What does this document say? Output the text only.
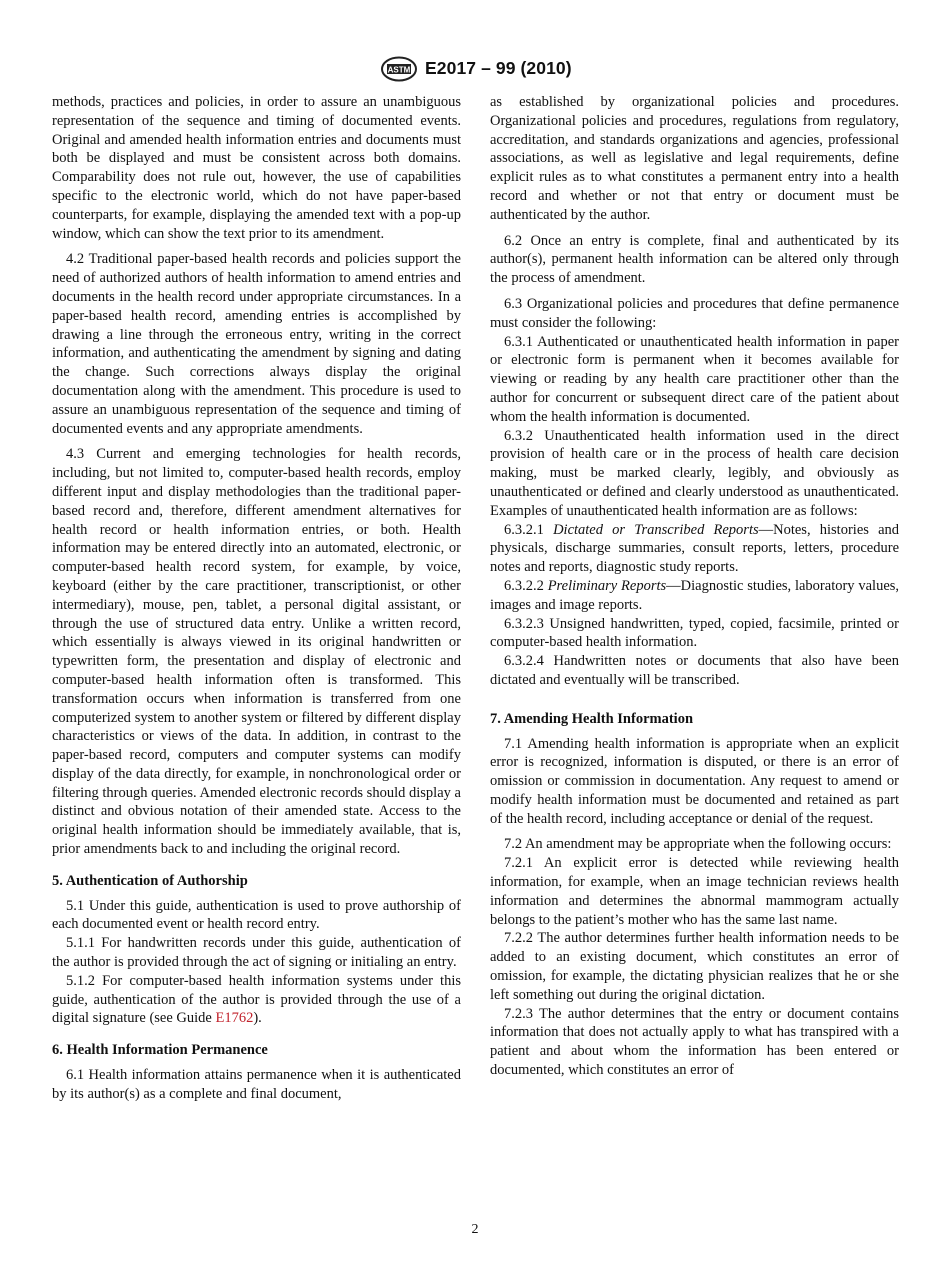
ASTM E2017 – 99 (2010)

methods, practices and policies, in order to assure an unambiguous representation of the sequence and timing of documented events. Original and amended health information entries and documents must both be displayed and must be consistent across both domains. Comparability does not rule out, however, the use of capabilities specific to the electronic world, which do not have paper-based counterparts, for example, displaying the amended text with a pop-up window, which can show the text prior to its amendment.

4.2 Traditional paper-based health records and policies support the need of authorized authors of health information to amend entries and documents in the health record under appropriate circumstances. In a paper-based health record, amending entries is accomplished by drawing a line through the erroneous entry, writing in the correct information, and authenticating the amendment by signing and dating the change. Such corrections always display the original documentation along with the amendment. This procedure is used to assure an unambiguous representation of the sequence and timing of documented events and any appropriate amendments.

4.3 Current and emerging technologies for health records, including, but not limited to, computer-based health records, employ different input and display methodologies than the traditional paper-based record and, therefore, different amendment alternatives for health record or health information entries, or both. Health information may be entered directly into an automated, electronic, or computer-based health record system, for example, by voice, keyboard (either by the care practitioner, transcriptionist, or other intermediary), mouse, pen, tablet, a personal digital assistant, or through the use of structured data entry. Unlike a written record, which essentially is always viewed in its original handwritten or typewritten form, the presentation and display of electronic and computer-based health information often is transformed. This transformation occurs when information is transferred from one computerized system to another system or filtered by different display characteristics or views of the data. In addition, in contrast to the paper-based record, computers and computer systems can modify display of the data directly, for example, in nonchronological order or filtering through queries. Amended electronic records should display a distinct and obvious notation of their amended state. Access to the original health information should be immediately available, that is, prior amendments back to and including the original record.

5. Authentication of Authorship

5.1 Under this guide, authentication is used to prove authorship of each documented event or health record entry.

5.1.1 For handwritten records under this guide, authentication of the author is provided through the act of signing or initialing an entry.

5.1.2 For computer-based health information systems under this guide, authentication of the author is provided through the use of a digital signature (see Guide E1762).

6. Health Information Permanence

6.1 Health information attains permanence when it is authenticated by its author(s) as a complete and final document,

as established by organizational policies and procedures. Organizational policies and procedures, regulations from regulatory, accreditation, and standards organizations and agencies, professional associations, as well as legislative and legal requirements, define explicit rules as to what constitutes a permanent entry into a health record and whether or not that entry or document must be authenticated by the author.

6.2 Once an entry is complete, final and authenticated by its author(s), permanent health information can be altered only through the process of amendment.

6.3 Organizational policies and procedures that define permanence must consider the following:

6.3.1 Authenticated or unauthenticated health information in paper or electronic form is permanent when it becomes available for viewing or reading by any health care practitioner other than the author for concurrent or subsequent direct care of the patient about whom the health information is documented.

6.3.2 Unauthenticated health information used in the direct provision of health care or in the process of health care decision making, must be marked clearly, legibly, and obviously as unauthenticated or defined and clearly understood as unauthenticated. Examples of unauthenticated health information are as follows:

6.3.2.1 Dictated or Transcribed Reports—Notes, histories and physicals, discharge summaries, consult reports, letters, procedure notes and reports, diagnostic study reports.

6.3.2.2 Preliminary Reports—Diagnostic studies, laboratory values, images and image reports.

6.3.2.3 Unsigned handwritten, typed, copied, facsimile, printed or computer-based health information.

6.3.2.4 Handwritten notes or documents that also have been dictated and eventually will be transcribed.

7. Amending Health Information

7.1 Amending health information is appropriate when an explicit error is recognized, information is disputed, or there is an error of omission or commission in documentation. Any request to amend or modify health information must be documented and retained as part of the health record, including acceptance or denial of the request.

7.2 An amendment may be appropriate when the following occurs:

7.2.1 An explicit error is detected while reviewing health information, for example, when an image technician reviews health information and determines the abnormal mammogram actually belongs to the patient’s mother who has the same last name.

7.2.2 The author determines further health information needs to be added to an existing document, which constitutes an error of omission, for example, the dictating physician realizes that he or she left something out during the original dictation.

7.2.3 The author determines that the entry or document contains information that does not actually apply to what has transpired with a patient and about whom the information has been entered or documented, which constitutes an error of

2
